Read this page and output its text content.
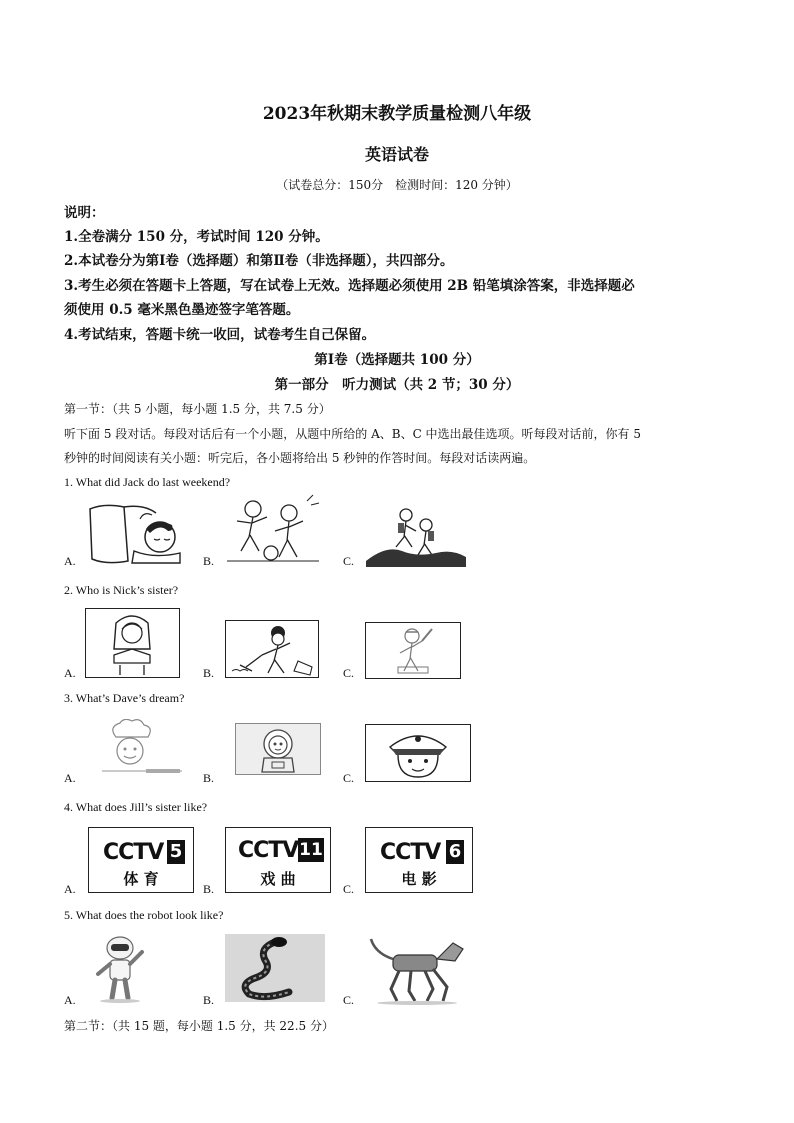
2023年秋期末教学质量检测八年级
英语试卷
（试卷总分：150分　检测时间：120 分钟）
说明：
1.全卷满分 150 分，考试时间 120 分钟。
2.本试卷分为第Ⅰ卷（选择题）和第Ⅱ卷（非选择题），共四部分。
3.考生必须在答题卡上答题，写在试卷上无效。选择题必须使用 2B 铅笔填涂答案，非选择题必
须使用 0.5 毫米黑色墨迹签字笔答题。
4.考试结束，答题卡统一收回，试卷考生自己保留。
第Ⅰ卷（选择题共 100 分）
第一部分　听力测试（共 2 节；30 分）
第一节：（共 5 小题，每小题 1.5 分，共 7.5 分）
听下面 5 段对话。每段对话后有一个小题，从题中所给的 A、B、C 中选出最佳选项。听每段对话前，你有 5
秒钟的时间阅读有关小题：听完后，各小题将给出 5 秒钟的作答时间。每段对话读两遍。
1. What did Jack do last weekend?
A.	B.	C.
2. Who is Nick’s sister?
A.	B.	C.
3. What’s Dave’s dream?
A.	B.	C.
4. What does Jill’s sister like?
A.	B.	C.
CCTV 5
体 育
CCTV 11
戏 曲
CCTV 6
电 影
5. What does the robot look like?
A.	B.	C.
第二节：（共 15 题，每小题 1.5 分，共 22.5 分）
